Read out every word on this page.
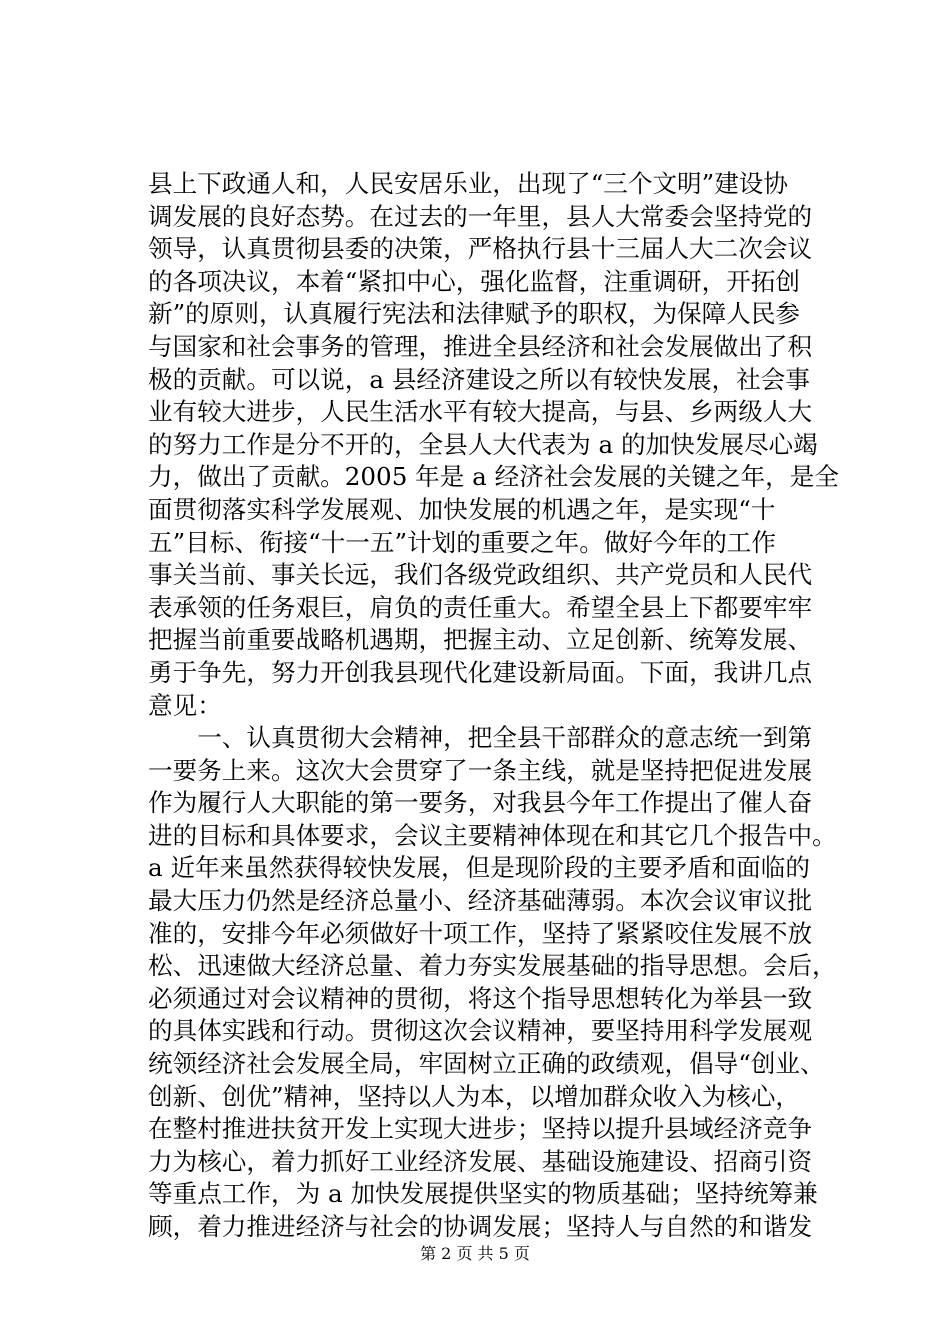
县上下政通人和，人民安居乐业，出现了“三个文明”建设协
调发展的良好态势。在过去的一年里，县人大常委会坚持党的
领导，认真贯彻县委的决策，严格执行县十三届人大二次会议
的各项决议，本着“紧扣中心，强化监督，注重调研，开拓创
新”的原则，认真履行宪法和法律赋予的职权，为保障人民参
与国家和社会事务的管理，推进全县经济和社会发展做出了积
极的贡献。可以说，a 县经济建设之所以有较快发展，社会事
业有较大进步，人民生活水平有较大提高，与县、乡两级人大
的努力工作是分不开的，全县人大代表为 a 的加快发展尽心竭
力，做出了贡献。2005 年是 a 经济社会发展的关键之年，是全
面贯彻落实科学发展观、加快发展的机遇之年，是实现“十
五”目标、衔接“十一五”计划的重要之年。做好今年的工作
事关当前、事关长远，我们各级党政组织、共产党员和人民代
表承领的任务艰巨，肩负的责任重大。希望全县上下都要牢牢
把握当前重要战略机遇期，把握主动、立足创新、统筹发展、
勇于争先，努力开创我县现代化建设新局面。下面，我讲几点
意见：
　　一、认真贯彻大会精神，把全县干部群众的意志统一到第
一要务上来。这次大会贯穿了一条主线，就是坚持把促进发展
作为履行人大职能的第一要务，对我县今年工作提出了催人奋
进的目标和具体要求，会议主要精神体现在和其它几个报告中。
a 近年来虽然获得较快发展，但是现阶段的主要矛盾和面临的
最大压力仍然是经济总量小、经济基础薄弱。本次会议审议批
准的，安排今年必须做好十项工作，坚持了紧紧咬住发展不放
松、迅速做大经济总量、着力夯实发展基础的指导思想。会后，
必须通过对会议精神的贯彻，将这个指导思想转化为举县一致
的具体实践和行动。贯彻这次会议精神，要坚持用科学发展观
统领经济社会发展全局，牢固树立正确的政绩观，倡导“创业、
创新、创优”精神，坚持以人为本，以增加群众收入为核心，
在整村推进扶贫开发上实现大进步；坚持以提升县域经济竞争
力为核心，着力抓好工业经济发展、基础设施建设、招商引资
等重点工作，为 a 加快发展提供坚实的物质基础；坚持统筹兼
顾，着力推进经济与社会的协调发展；坚持人与自然的和谐发
第 2 页 共 5 页
